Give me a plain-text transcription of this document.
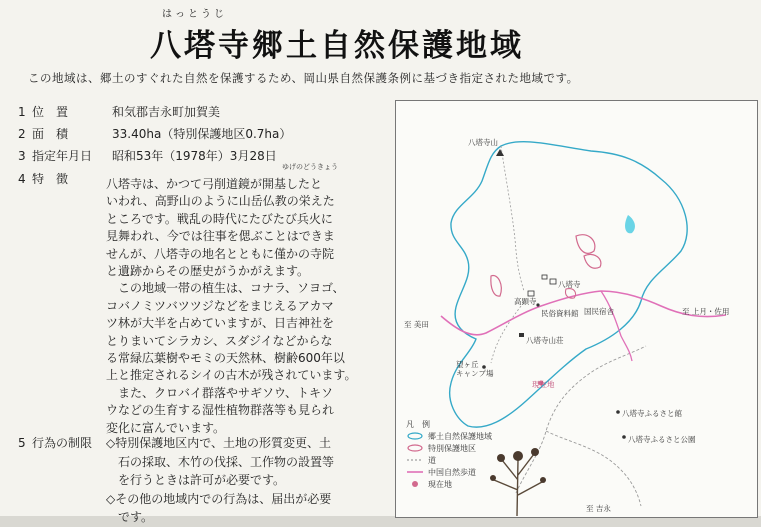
はっとうじ
八塔寺郷土自然保護地域
この地域は、郷土のすぐれた自然を保護するため、岡山県自然保護条例に基づき指定された地域です。
1 位　置	和気郡吉永町加賀美
2 面　積	33.40ha（特別保護地区0.7ha）
3 指定年月日 昭和53年（1978年）3月28日
4 特　徴
ゆげのどうきょう
八塔寺は、かつて弓削道鏡が開基したと
いわれ、高野山のように山岳仏教の栄えた
ところです。戦乱の時代にたびたび兵火に
見舞われ、今では往事を偲ぶことはできま
せんが、八塔寺の地名とともに僅かの寺院
と遺跡からその歴史がうかがえます。
　この地域一帯の植生は、コナラ、ソヨゴ、
コバノミツバツツジなどをまじえるアカマ
ツ林が大半を占めていますが、日吉神社を
とりまいてシラカシ、スダジイなどからな
る常緑広葉樹やモミの天然林、樹齢600年以
上と推定されるシイの古木が残されています。
　また、クロバイ群落やサギソウ、トキソ
ウなどの生育する湿性植物群落等も見られ
変化に富んでいます。
5 行為の制限 ◇特別保護地区内で、土地の形質変更、土
　石の採取、木竹の伐採、工作物の設置等
　を行うときは許可が必要です。
◇その他の地域内での行為は、届出が必要
　です。
八塔寺山
至 上月・佐用
至 美田
八塔寺
高顕寺
民俗資料館 国民宿舎
八塔寺山荘
望ヶ丘
キャンプ場
現在地
八塔寺ふるさと館
八塔寺ふるさと公園
至 吉永
凡　例
郷土自然保護地域
特別保護地区
道
中国自然歩道
現在地
